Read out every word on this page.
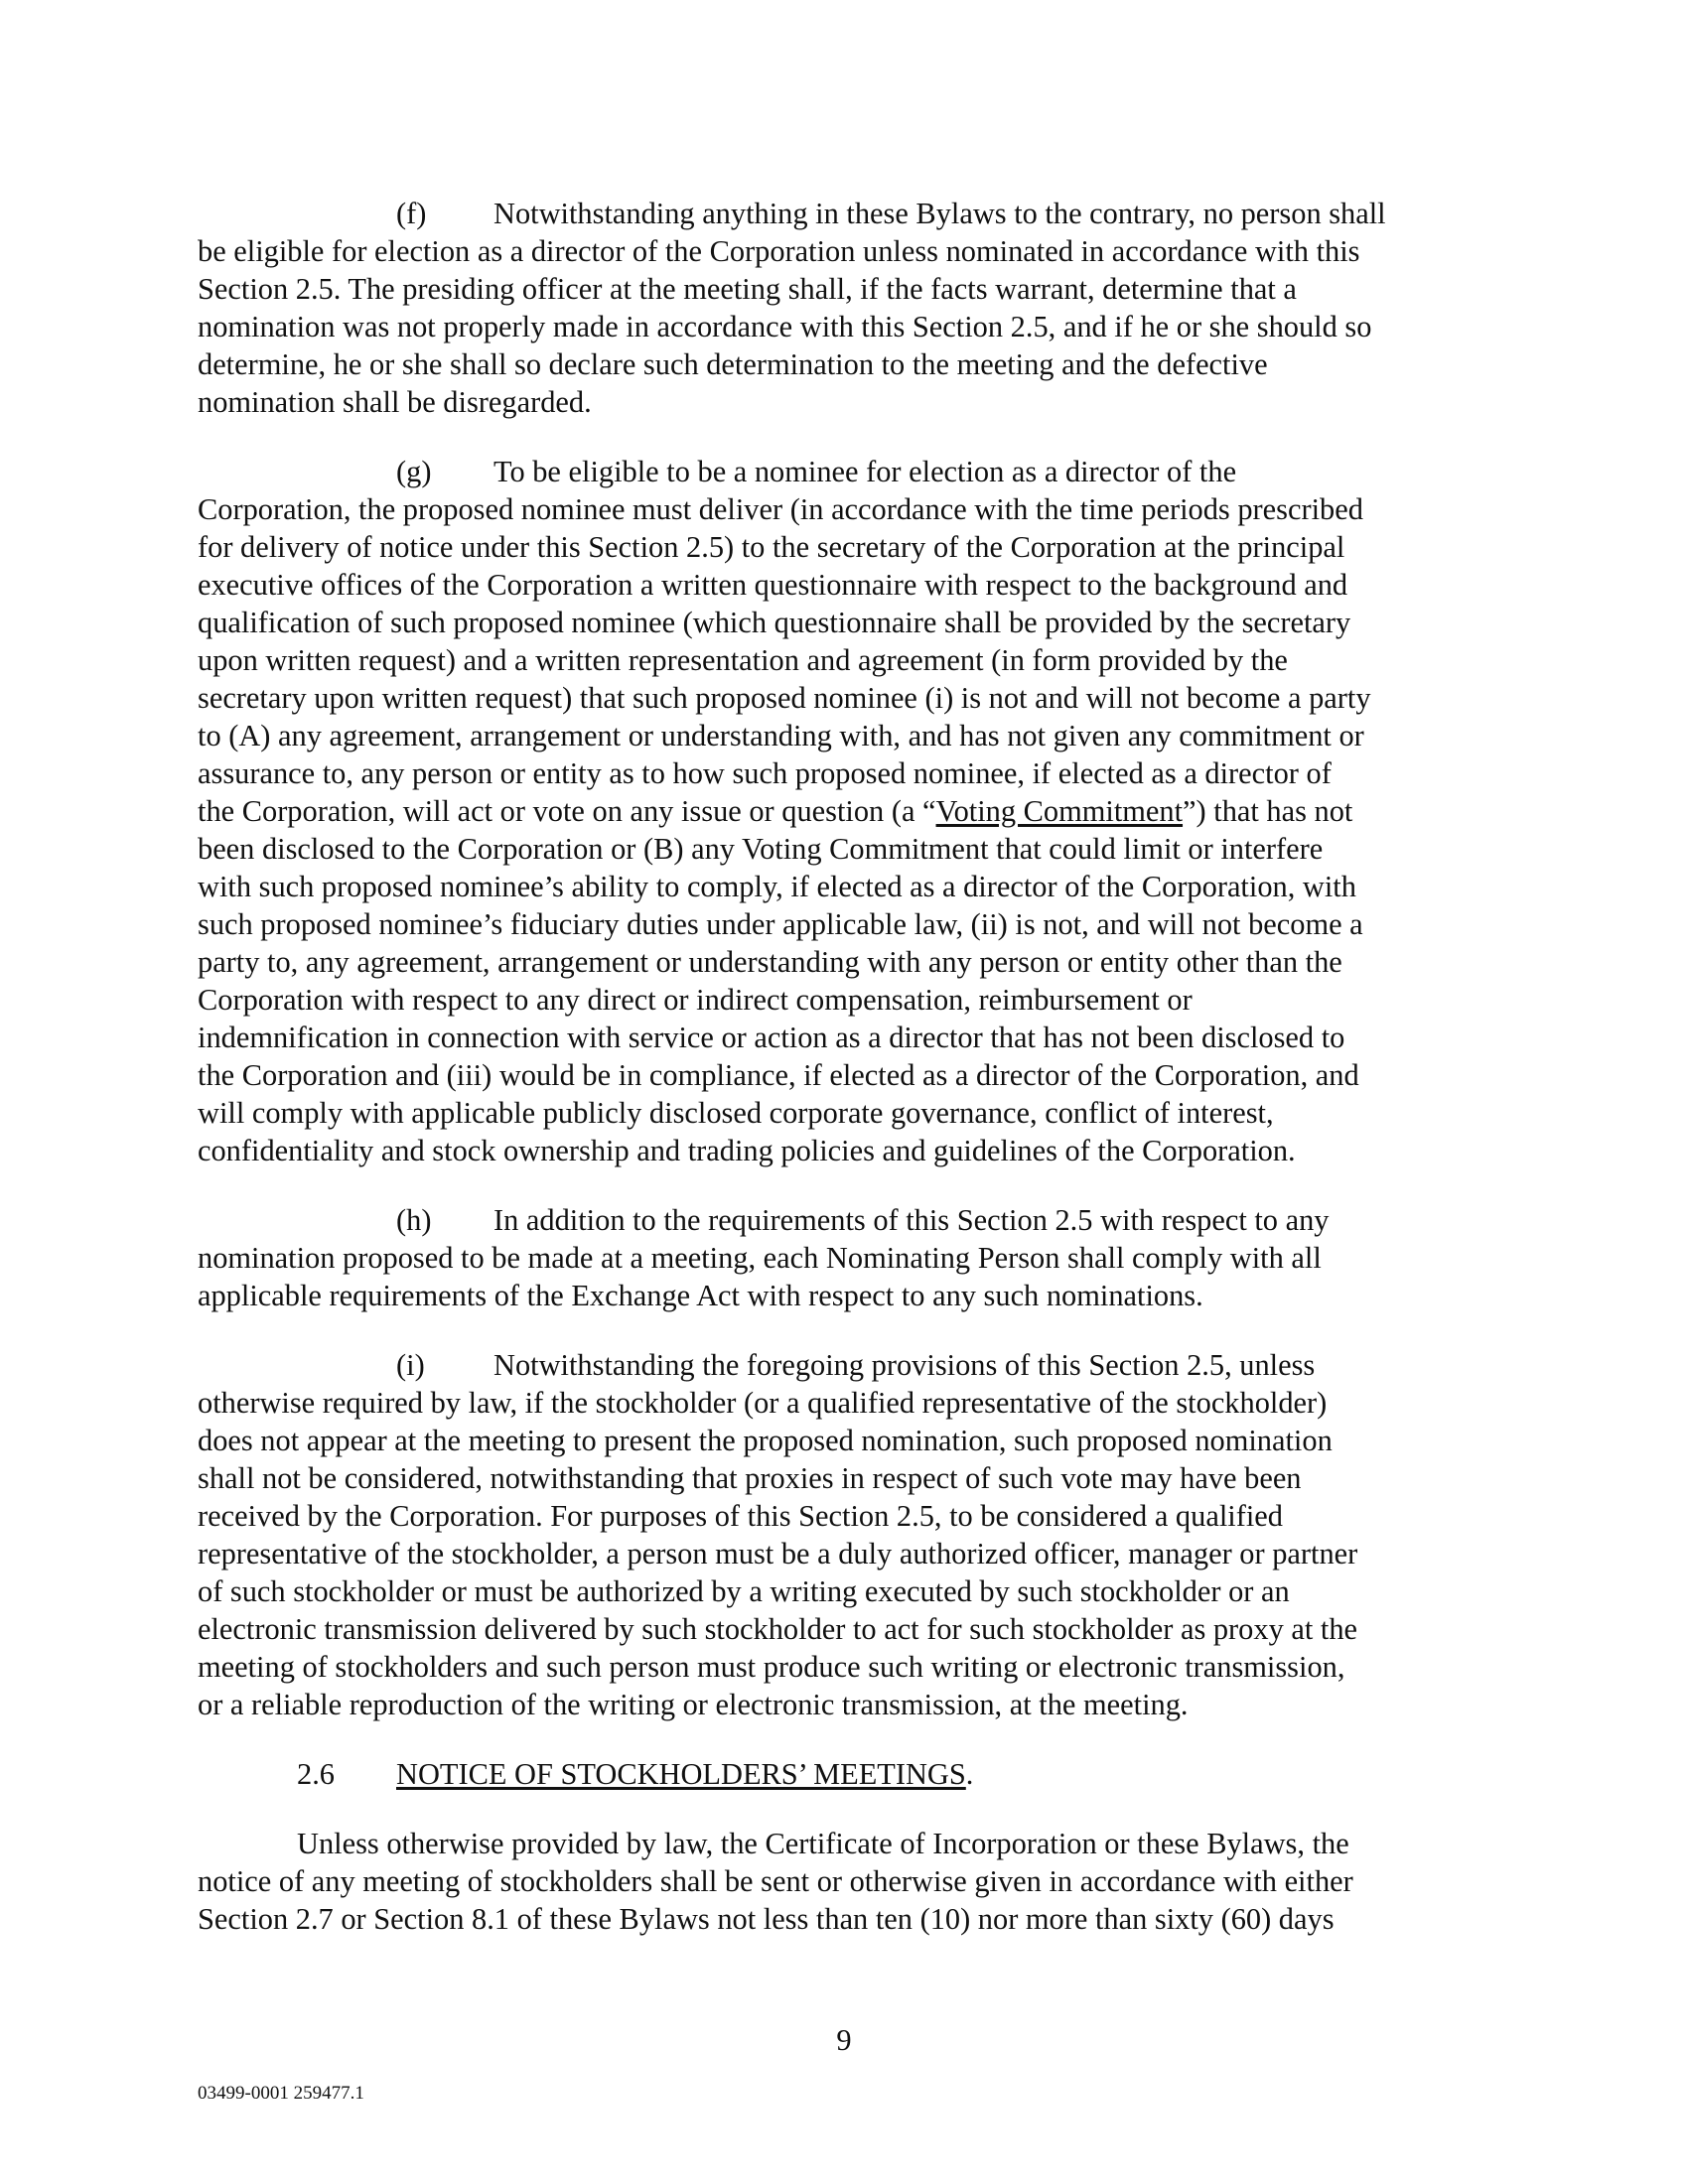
(f) Notwithstanding anything in these Bylaws to the contrary, no person shall
be eligible for election as a director of the Corporation unless nominated in accordance with this
Section 2.5. The presiding officer at the meeting shall, if the facts warrant, determine that a
nomination was not properly made in accordance with this Section 2.5, and if he or she should so
determine, he or she shall so declare such determination to the meeting and the defective
nomination shall be disregarded.

(g) To be eligible to be a nominee for election as a director of the
Corporation, the proposed nominee must deliver (in accordance with the time periods prescribed
for delivery of notice under this Section 2.5) to the secretary of the Corporation at the principal
executive offices of the Corporation a written questionnaire with respect to the background and
qualification of such proposed nominee (which questionnaire shall be provided by the secretary
upon written request) and a written representation and agreement (in form provided by the
secretary upon written request) that such proposed nominee (i) is not and will not become a party
to (A) any agreement, arrangement or understanding with, and has not given any commitment or
assurance to, any person or entity as to how such proposed nominee, if elected as a director of
the Corporation, will act or vote on any issue or question (a “Voting Commitment”) that has not
been disclosed to the Corporation or (B) any Voting Commitment that could limit or interfere
with such proposed nominee’s ability to comply, if elected as a director of the Corporation, with
such proposed nominee’s fiduciary duties under applicable law, (ii) is not, and will not become a
party to, any agreement, arrangement or understanding with any person or entity other than the
Corporation with respect to any direct or indirect compensation, reimbursement or
indemnification in connection with service or action as a director that has not been disclosed to
the Corporation and (iii) would be in compliance, if elected as a director of the Corporation, and
will comply with applicable publicly disclosed corporate governance, conflict of interest,
confidentiality and stock ownership and trading policies and guidelines of the Corporation.

(h) In addition to the requirements of this Section 2.5 with respect to any
nomination proposed to be made at a meeting, each Nominating Person shall comply with all
applicable requirements of the Exchange Act with respect to any such nominations.

(i) Notwithstanding the foregoing provisions of this Section 2.5, unless
otherwise required by law, if the stockholder (or a qualified representative of the stockholder)
does not appear at the meeting to present the proposed nomination, such proposed nomination
shall not be considered, notwithstanding that proxies in respect of such vote may have been
received by the Corporation. For purposes of this Section 2.5, to be considered a qualified
representative of the stockholder, a person must be a duly authorized officer, manager or partner
of such stockholder or must be authorized by a writing executed by such stockholder or an
electronic transmission delivered by such stockholder to act for such stockholder as proxy at the
meeting of stockholders and such person must produce such writing or electronic transmission,
or a reliable reproduction of the writing or electronic transmission, at the meeting.

2.6 NOTICE OF STOCKHOLDERS’ MEETINGS.

Unless otherwise provided by law, the Certificate of Incorporation or these Bylaws, the
notice of any meeting of stockholders shall be sent or otherwise given in accordance with either
Section 2.7 or Section 8.1 of these Bylaws not less than ten (10) nor more than sixty (60) days

9
03499-0001 259477.1
